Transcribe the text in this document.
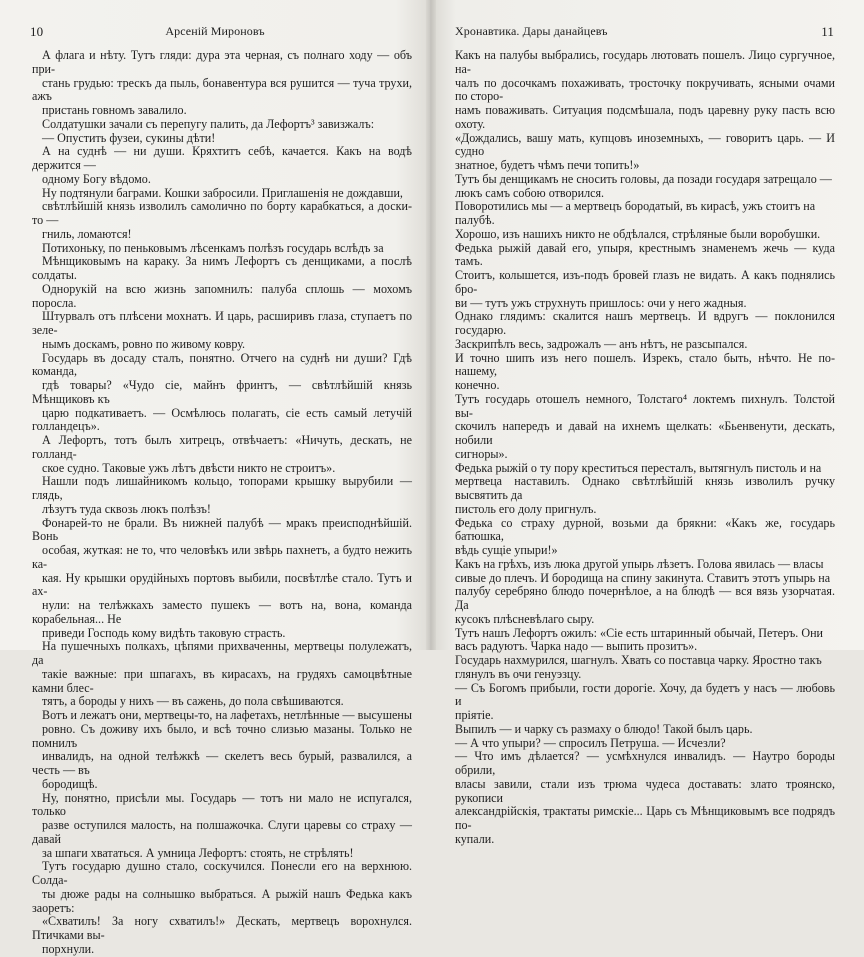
10	Арсеній Мироновъ	Хронавтика. Дары данайцевъ	11

А флага и нѣту. Тутъ гляди: дура эта черная, съ полнаго ходу — объ при-
стань грудью: трескъ да пыль, бонавентура вся рушится — туча трухи, ажъ
пристань говномъ завалило.
Солдатушки зачали съ перепугу палить, да Лефортъ³ завизжалъ:
— Опустить фузеи, сукины дѣти!
А на суднѣ — ни души. Кряхтитъ себѣ, качается. Какъ на водѣ держится —
одному Богу вѣдомо.
Ну подтянули баграми. Кошки забросили. Приглашенія не дождавши,
свѣтлѣйшій князь изволилъ самолично по борту карабкаться, а доски-то —
гниль, ломаются!
Потихоньку, по пеньковымъ лѣсенкамъ полѣзъ государь вслѣдъ за
Мѣнщиковымъ на караку. За нимъ Лефортъ съ денщиками, а послѣ солдаты.
Однорукій на всю жизнь запомнилъ: палуба сплошь — мохомъ пороcла.
Штурвалъ отъ плѣсени мохнатъ. И царь, расширивъ глаза, ступаетъ по зеле-
нымъ доскамъ, ровно по живому ковру.
Государь въ досаду сталъ, понятно. Отчего на суднѣ ни души? Гдѣ команда,
гдѣ товары? «Чудо сіе, майнъ фринтъ, — свѣтлѣйшій князь Мѣнщиковъ къ
царю подкативаетъ. — Осмѣлюсь полагать, сіе есть самый летучій голландецъ».
А Лефортъ, тотъ былъ хитрецъ, отвѣчаетъ: «Ничуть, дескать, не голланд-
ское судно. Таковые ужъ лѣтъ двѣсти никто не строитъ».
Нашли подъ лишайникомъ кольцо, топорами крышку вырубили — глядь,
лѣзутъ туда сквозь люкъ полѣзъ!
Фонарей-то не брали. Въ нижней палубѣ — мракъ преисподнѣйшій. Вонь
особая, жуткая: не то, что человѣкъ или звѣрь пахнетъ, а будто нежить ка-
кая. Ну крышки орудійныхъ портовъ выбили, посвѣтлѣе стало. Тутъ и ах-
нули: на телѣжкахъ заместо пушекъ — вотъ на, вона, команда корабельная... Не
приведи Господь кому видѣть таковую страсть.
На пушечныхъ полкахъ, цѣпями прихваченны, мертвецы полулежатъ, да
такіе важные: при шпагахъ, въ кирасахъ, на грудяхъ самоцвѣтные камни блес-
тятъ, а бороды у нихъ — въ сажень, до пола свѣшиваются.
Вотъ и лежатъ они, мертвецы-то, на лафетахъ, нетлѣнные — высушены
ровно. Съ доживу ихъ было, и всѣ точно слизью мазаны. Только не помнилъ
инвалидъ, на одной телѣжкѣ — скелетъ весь бурый, развалился, а честь — въ
бородищѣ.
Ну, понятно, присѣли мы. Государь — тотъ ни мало не испугался, только
разве оступился малость, на полшажочка. Слуги царевы со страху — давай
за шпаги хвататься. А умница Лефортъ: стоять, не стрѣлять!
Тутъ государю душно стало, соскучился. Понесли его на верхнюю. Солда-
ты дюже рады на солнышко выбраться. А рыжій нашъ Федька какъ заоретъ:
«Схватилъ! За ногу схватилъ!» Дескать, мертвецъ ворохнулся. Птичками вы-
порхнули.

Какъ на палубы выбрались, государь лютовать пошелъ. Лицо сургучное, на-
чалъ по досочкамъ похаживать, тросточку покручивать, ясными очами по сторо-
намъ поваживать. Ситуация подсмѣшала, подъ царевну руку пасть всю охоту.
«Дождались, вашу мать, купцовъ иноземныхъ, — говоритъ царь. — И судно
знатное, будетъ чѣмъ печи топить!»
Тутъ бы денщикамъ не сносить головы, да позади государя затрещало —
люкъ самъ собою отворился.
Поворотились мы — а мертвецъ бородатый, въ кирасѣ, ужъ стоитъ на
палубѣ.
Хорошо, изъ нашихъ никто не обдѣлался, стрѣляные были воробушки.
Федька рыжій давай его, упыря, крестнымъ знаменемъ жечь — куда тамъ.
Стоитъ, колышется, изъ-подъ бровей глазъ не видать. А какъ поднялись бро-
ви — тутъ ужъ струхнуть пришлось: очи у него жадныя.
Однако глядимъ: скалится нашъ мертвецъ. И вдругъ — поклонился государю.
Заскрипѣлъ весь, задрожалъ — анъ нѣтъ, не разсыпался.
И точно шипъ изъ него пошелъ. Изрекъ, стало быть, нѣчто. Не по-нашему,
конечно.
Тутъ государь отошелъ немного, Толстаго⁴ локтемъ пихнулъ. Толстой вы-
скочилъ напередъ и давай на ихнемъ щелкать: «Бьенвенути, дескать, нобили
сигноры».
Федька рыжій о ту пору креститься пересталъ, вытягнулъ пистоль и на
мертвеца наставилъ. Однако свѣтлѣйшій князь изволилъ ручку высвятить да
пистоль его долу пригнулъ.
Федька со страху дурной, возьми да брякни: «Какъ же, государь батюшка,
вѣдь сущіе упыри!»
Какъ на грѣхъ, изъ люка другой упырь лѣзетъ. Голова явилась — власы
сивые до плечъ. И бородища на спину закинута. Ставитъ этотъ упырь на
палубу серебряно блюдо почернѣлое, а на блюдѣ — вся вязь узорчатая. Да
кусокъ плѣсневѣлаго сыру.
Тутъ нашъ Лефортъ ожилъ: «Сіе есть штаринный обычай, Петеръ. Они
васъ радуютъ. Чарка надо — выпить прозитъ».
Государь нахмурился, шагнулъ. Хвать со поставца чарку. Яростно такъ
глянулъ въ очи генуэзцу.
— Съ Богомъ прибыли, гости дорогіе. Хочу, да будетъ у насъ — любовь и
пріятіе.
Выпилъ — и чарку съ размаху о блюдо! Такой былъ царь.
— А что упыри? — спросилъ Петруша. — Исчезли?
— Что имъ дѣлается? — усмѣхнулся инвалидъ. — Наутро бороды обрили,
власы завили, стали изъ трюма чудеса доставать: злато троянско, рукописи
александрійскія, трактаты римскіе... Царь съ Мѣнщиковымъ все подрядъ по-
купали.
